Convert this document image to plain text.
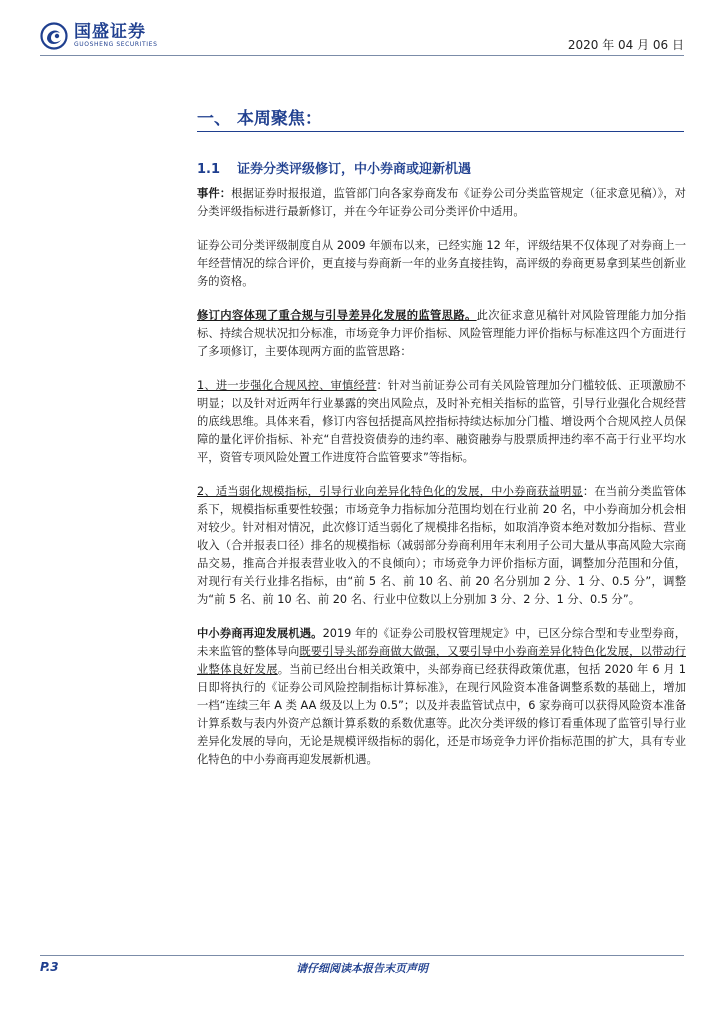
国盛证券
GUOSHENG SECURITIES	2020 年 04 月 06 日
一、 本周聚焦：
1.1 证券分类评级修订，中小券商或迎新机遇

事件：根据证券时报报道，监管部门向各家券商发布《证券公司分类监管规定（征求意见稿）》，对分类评级指标进行最新修订，并在今年证券公司分类评价中适用。

证券公司分类评级制度自从 2009 年颁布以来，已经实施 12 年，评级结果不仅体现了对券商上一年经营情况的综合评价，更直接与券商新一年的业务直接挂钩，高评级的券商更易拿到某些创新业务的资格。

修订内容体现了重合规与引导差异化发展的监管思路。此次征求意见稿针对风险管理能力加分指标、持续合规状况扣分标准，市场竞争力评价指标、风险管理能力评价指标与标准这四个方面进行了多项修订，主要体现两方面的监管思路：

1、进一步强化合规风控、审慎经营：针对当前证券公司有关风险管理加分门槛较低、正项激励不明显；以及针对近两年行业暴露的突出风险点，及时补充相关指标的监管，引导行业强化合规经营的底线思维。具体来看，修订内容包括提高风控指标持续达标加分门槛、增设两个合规风控人员保障的量化评价指标、补充“自营投资债券的违约率、融资融券与股票质押违约率不高于行业平均水平，资管专项风险处置工作进度符合监管要求”等指标。

2、适当弱化规模指标，引导行业向差异化特色化的发展，中小券商获益明显：在当前分类监管体系下，规模指标重要性较强；市场竞争力指标加分范围均划在行业前 20 名，中小券商加分机会相对较少。针对相对情况，此次修订适当弱化了规模排名指标，如取消净资本绝对数加分指标、营业收入（合并报表口径）排名的规模指标（减弱部分券商利用年末利用子公司大量从事高风险大宗商品交易，推高合并报表营业收入的不良倾向）；市场竞争力评价指标方面，调整加分范围和分值，对现行有关行业排名指标，由“前 5 名、前 10 名、前 20 名分别加 2 分、1 分、0.5 分”，调整为“前 5 名、前 10 名、前 20 名、行业中位数以上分别加 3 分、2 分、1 分、0.5 分”。

中小券商再迎发展机遇。2019 年的《证券公司股权管理规定》中，已区分综合型和专业型券商，未来监管的整体导向既要引导头部券商做大做强，又要引导中小券商差异化特色化发展，以带动行业整体良好发展。当前已经出台相关政策中，头部券商已经获得政策优惠，包括 2020 年 6 月 1 日即将执行的《证券公司风险控制指标计算标准》，在现行风险资本准备调整系数的基础上，增加一档“连续三年 A 类 AA 级及以上为 0.5”；以及并表监管试点中，6 家券商可以获得风险资本准备计算系数与表内外资产总额计算系数的系数优惠等。此次分类评级的修订看重体现了监管引导行业差异化发展的导向，无论是规模评级指标的弱化，还是市场竞争力评价指标范围的扩大，具有专业化特色的中小券商再迎发展新机遇。

P.3	请仔细阅读本报告末页声明
